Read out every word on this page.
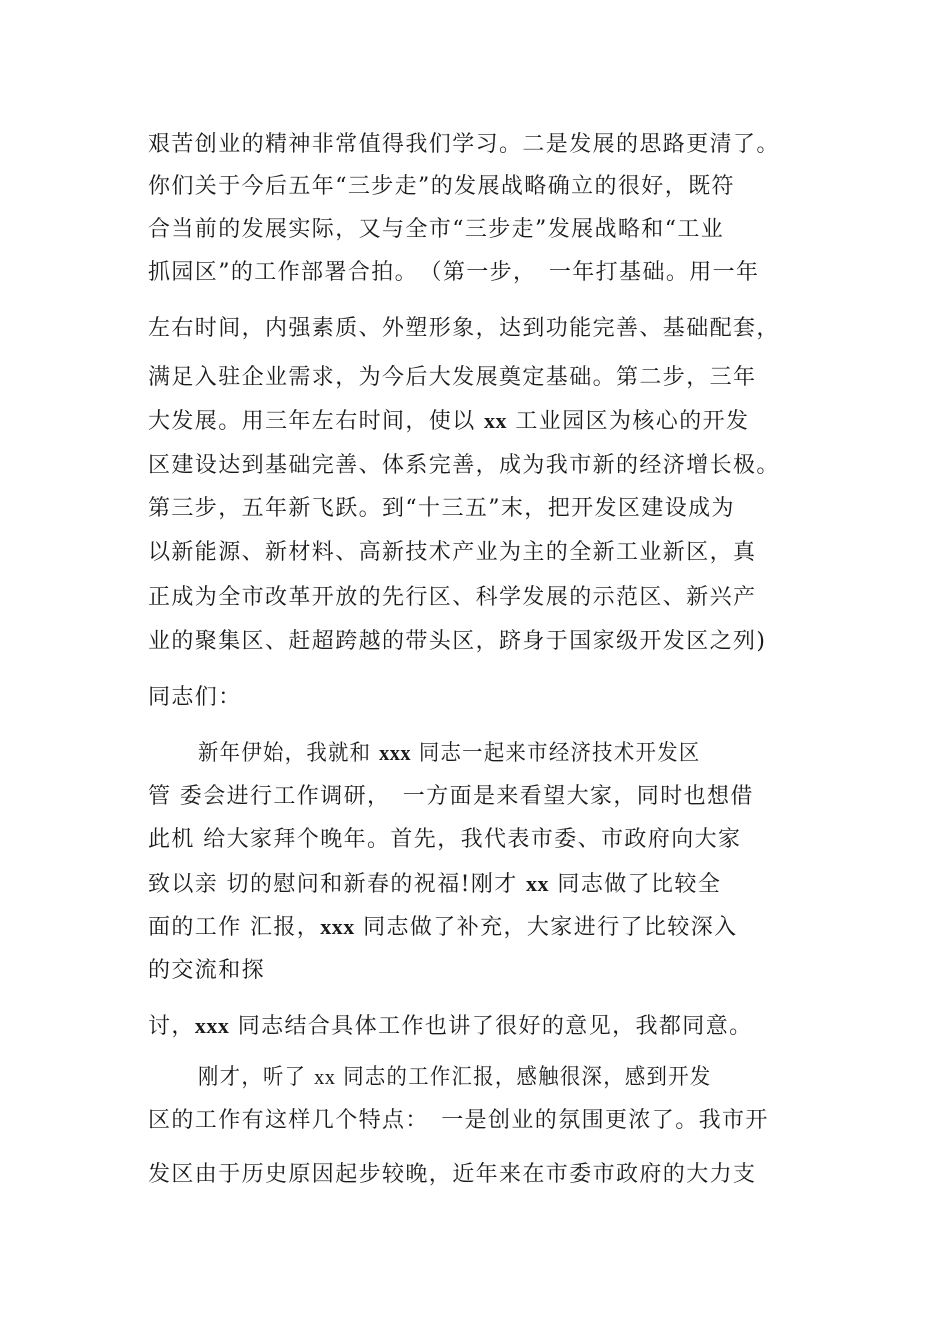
艰苦创业的精神非常值得我们学习。二是发展的思路更清了。
你们关于今后五年“三步走”的发展战略确立的很好，既符
合当前的发展实际，又与全市“三步走”发展战略和“工业
抓园区”的工作部署合拍。　（第一步，　一年打基础。用一年
左右时间，内强素质、外塑形象，达到功能完善、基础配套，
满足入驻企业需求，为今后大发展奠定基础。第二步，三年
大发展。用三年左右时间，使以 xx 工业园区为核心的开发
区建设达到基础完善、体系完善，成为我市新的经济增长极。
第三步，五年新飞跃。到“十三五”末，把开发区建设成为
以新能源、新材料、高新技术产业为主的全新工业新区，真
正成为全市改革开放的先行区、科学发展的示范区、新兴产
业的聚集区、赶超跨越的带头区，跻身于国家级开发区之列)
同志们：
新年伊始，我就和 xxx 同志一起来市经济技术开发区
管 委会进行工作调研，　一方面是来看望大家，同时也想借
此机 给大家拜个晚年。首先，我代表市委、市政府向大家
致以亲 切的慰问和新春的祝福!刚才 xx 同志做了比较全
面的工作 汇报，xxx 同志做了补充，大家进行了比较深入
的交流和探
讨，xxx 同志结合具体工作也讲了很好的意见，我都同意。
刚才，听了 xx 同志的工作汇报，感触很深，感到开发
区的工作有这样几个特点：　一是创业的氛围更浓了。我市开
发区由于历史原因起步较晚，近年来在市委市政府的大力支
